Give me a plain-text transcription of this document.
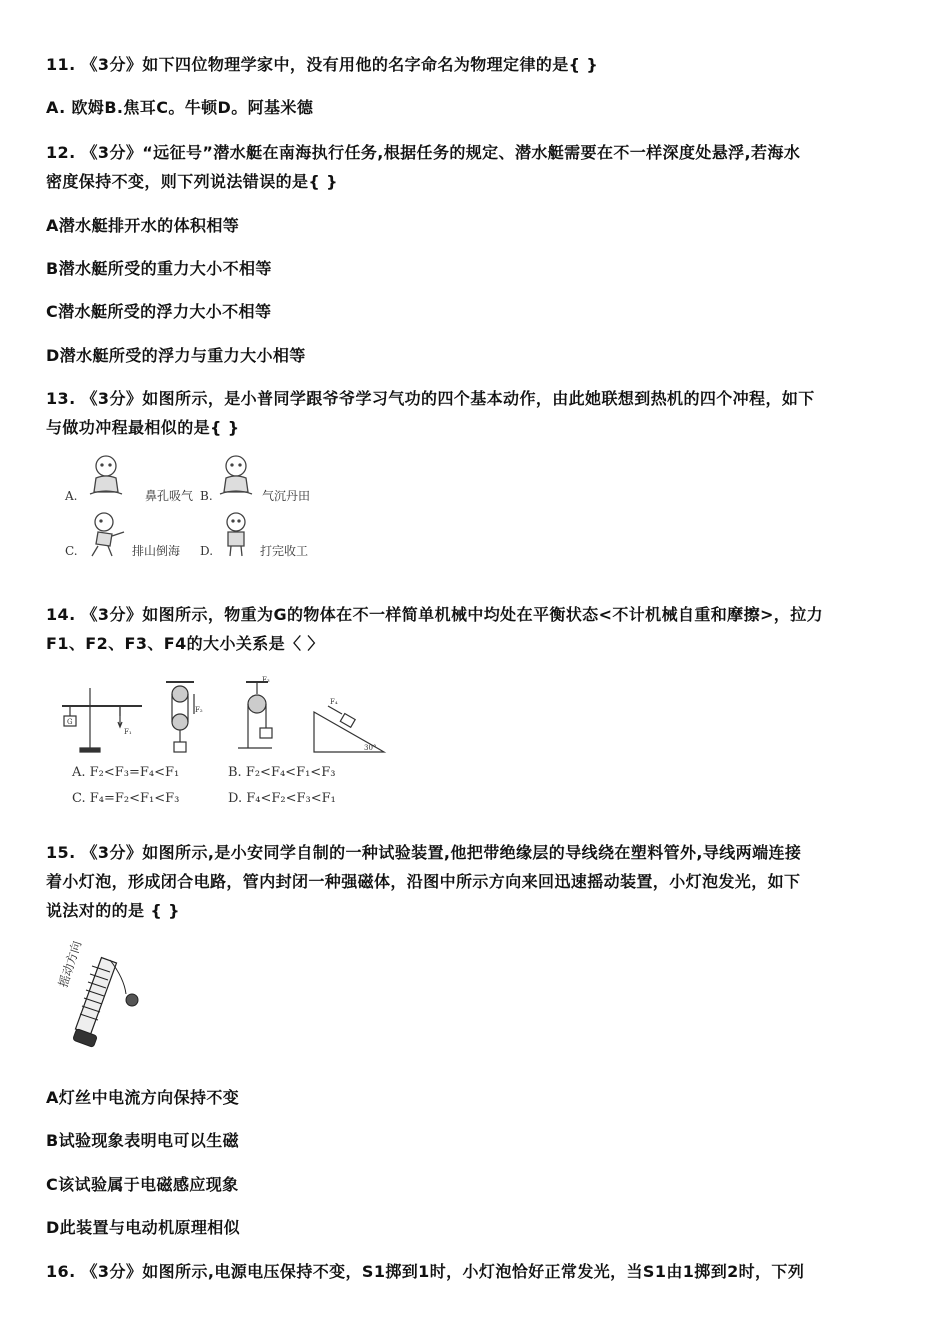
11. 《3分》如下四位物理学家中，没有用他的名字命名为物理定律的是{ }
A. 欧姆B.焦耳C。牛顿D。阿基米德
12. 《3分》“远征号”潜水艇在南海执行任务,根据任务的规定、潜水艇需要在不一样深度处悬浮,若海水
密度保持不变，则下列说法错误的是{ }
A潜水艇排开水的体积相等
B潜水艇所受的重力大小不相等
C潜水艇所受的浮力大小不相等
D潜水艇所受的浮力与重力大小相等
13. 《3分》如图所示，是小普同学跟爷爷学习气功的四个基本动作，由此她联想到热机的四个冲程，如下
与做功冲程最相似的是{ }
A.	鼻孔吸气 B.	气沉丹田
C.	排山倒海 D.	打完收工
14. 《3分》如图所示，物重为G的物体在不一样简单机械中均处在平衡状态<不计机械自重和摩擦>，拉力
F1、F2、F3、F4的大小关系是〈 〉
G
F₁
F₂
F₃
F₄
30°
A. F₂<F₃=F₄<F₁	B. F₂<F₄<F₁<F₃
C. F₄=F₂<F₁<F₃	D. F₄<F₂<F₃<F₁
15. 《3分》如图所示,是小安同学自制的一种试验装置,他把带绝缘层的导线绕在塑料管外,导线两端连接
着小灯泡，形成闭合电路，管内封闭一种强磁体，沿图中所示方向来回迅速摇动装置，小灯泡发光，如下
说法对的的是 { }
摇动方向
A灯丝中电流方向保持不变
B试验现象表明电可以生磁
C该试验属于电磁感应现象
D此装置与电动机原理相似
16. 《3分》如图所示,电源电压保持不变，S1掷到1时，小灯泡恰好正常发光，当S1由1掷到2时，下列
